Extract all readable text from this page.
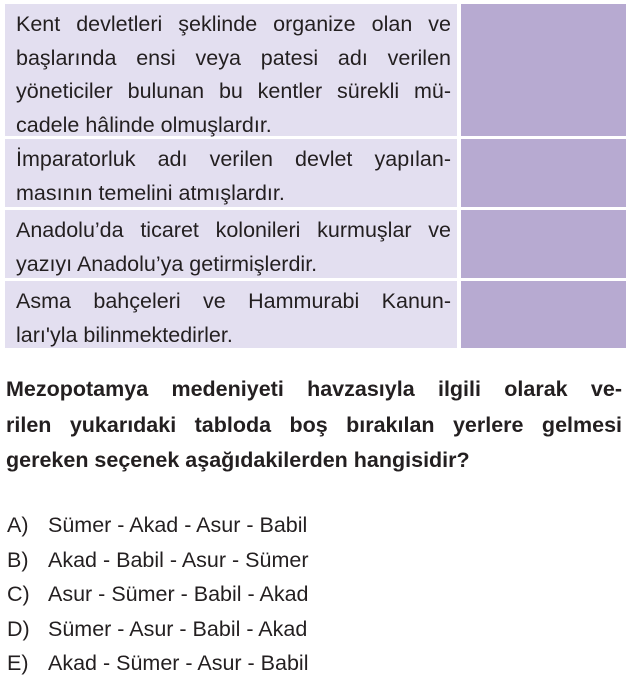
Kent devletleri şeklinde organize olan ve
başlarında ensi veya patesi adı verilen
yöneticiler bulunan bu kentler sürekli mü-
cadele hâlinde olmuşlardır.
İmparatorluk adı verilen devlet yapılan-
masının temelini atmışlardır.
Anadolu’da ticaret kolonileri kurmuşlar ve
yazıyı Anadolu’ya getirmişlerdir.
Asma bahçeleri ve Hammurabi Kanun-
ları'yla bilinmektedirler.
Mezopotamya medeniyeti havzasıyla ilgili olarak ve-
rilen yukarıdaki tabloda boş bırakılan yerlere gelmesi
gereken seçenek aşağıdakilerden hangisidir?
A) Sümer - Akad - Asur - Babil
B) Akad - Babil - Asur - Sümer
C) Asur - Sümer - Babil - Akad
D) Sümer - Asur - Babil - Akad
E) Akad - Sümer - Asur - Babil
